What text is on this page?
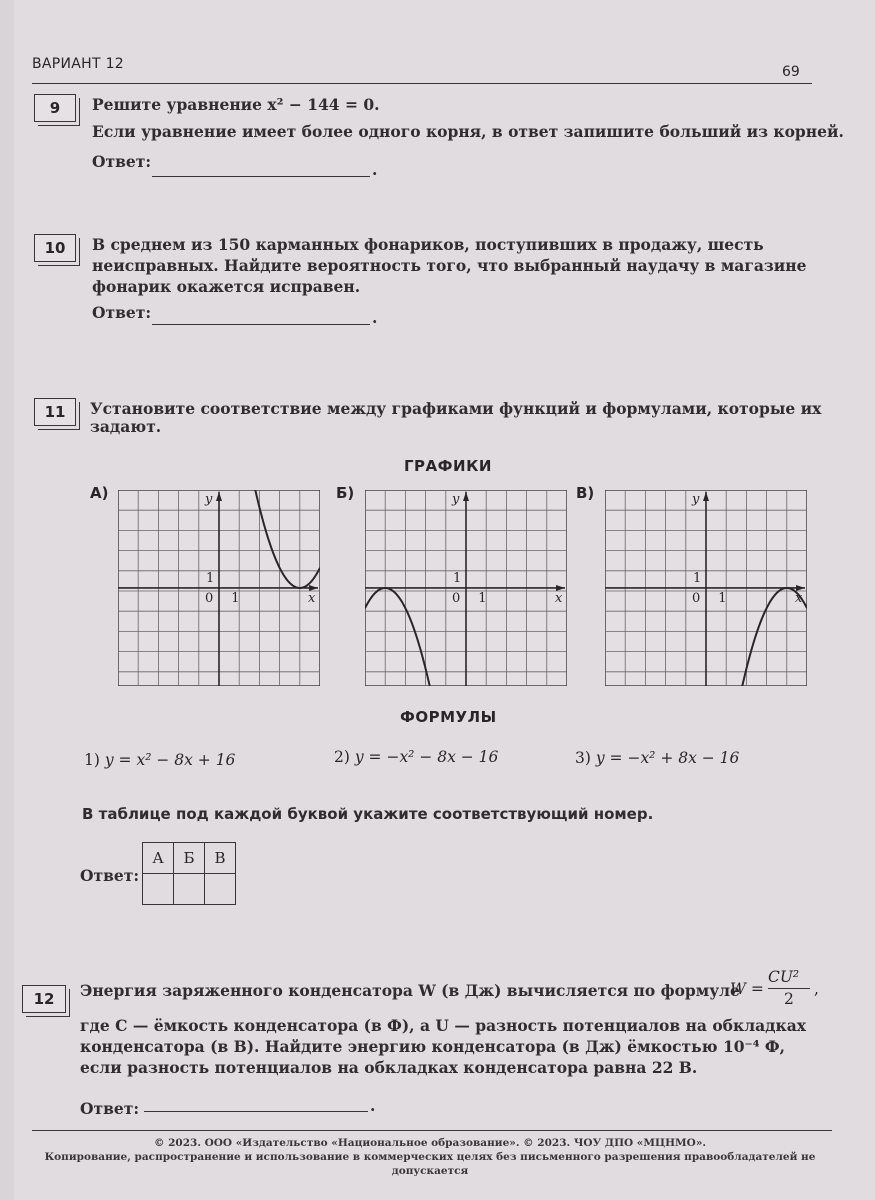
ВАРИАНТ 12	69
9	Решите уравнение x² − 144 = 0.
Если уравнение имеет более одного корня, в ответ запишите больший из корней.
Ответ:	.
10	В среднем из 150 карманных фонариков, поступивших в продажу, шесть
неисправных. Найдите вероятность того, что выбранный наудачу в магазине
фонарик окажется исправен.
Ответ:	.
11	Установите соответствие между графиками функций и формулами, которые их
задают.
ГРАФИКИ
А)	Б)	В)
y
x
0 1
1
y
x
0 1
1
y
x
0 1
1
ФОРМУЛЫ
1) y = x² − 8x + 16	2) y = −x² − 8x − 16	3) y = −x² + 8x − 16
В таблице под каждой буквой укажите соответствующий номер.
Ответ:
А	Б	В

12	Энергия заряженного конденсатора W (в Дж) вычисляется по формуле
W =
CU²
2
,
где C — ёмкость конденсатора (в Ф), а U — разность потенциалов на обкладках
конденсатора (в В). Найдите энергию конденсатора (в Дж) ёмкостью 10⁻⁴ Ф,
если разность потенциалов на обкладках конденсатора равна 22 В.
Ответ:	.
© 2023. ООО «Издательство «Национальное образование». © 2023. ЧОУ ДПО «МЦНМО».
Копирование, распространение и использование в коммерческих целях без письменного разрешения правообладателей не допускается
